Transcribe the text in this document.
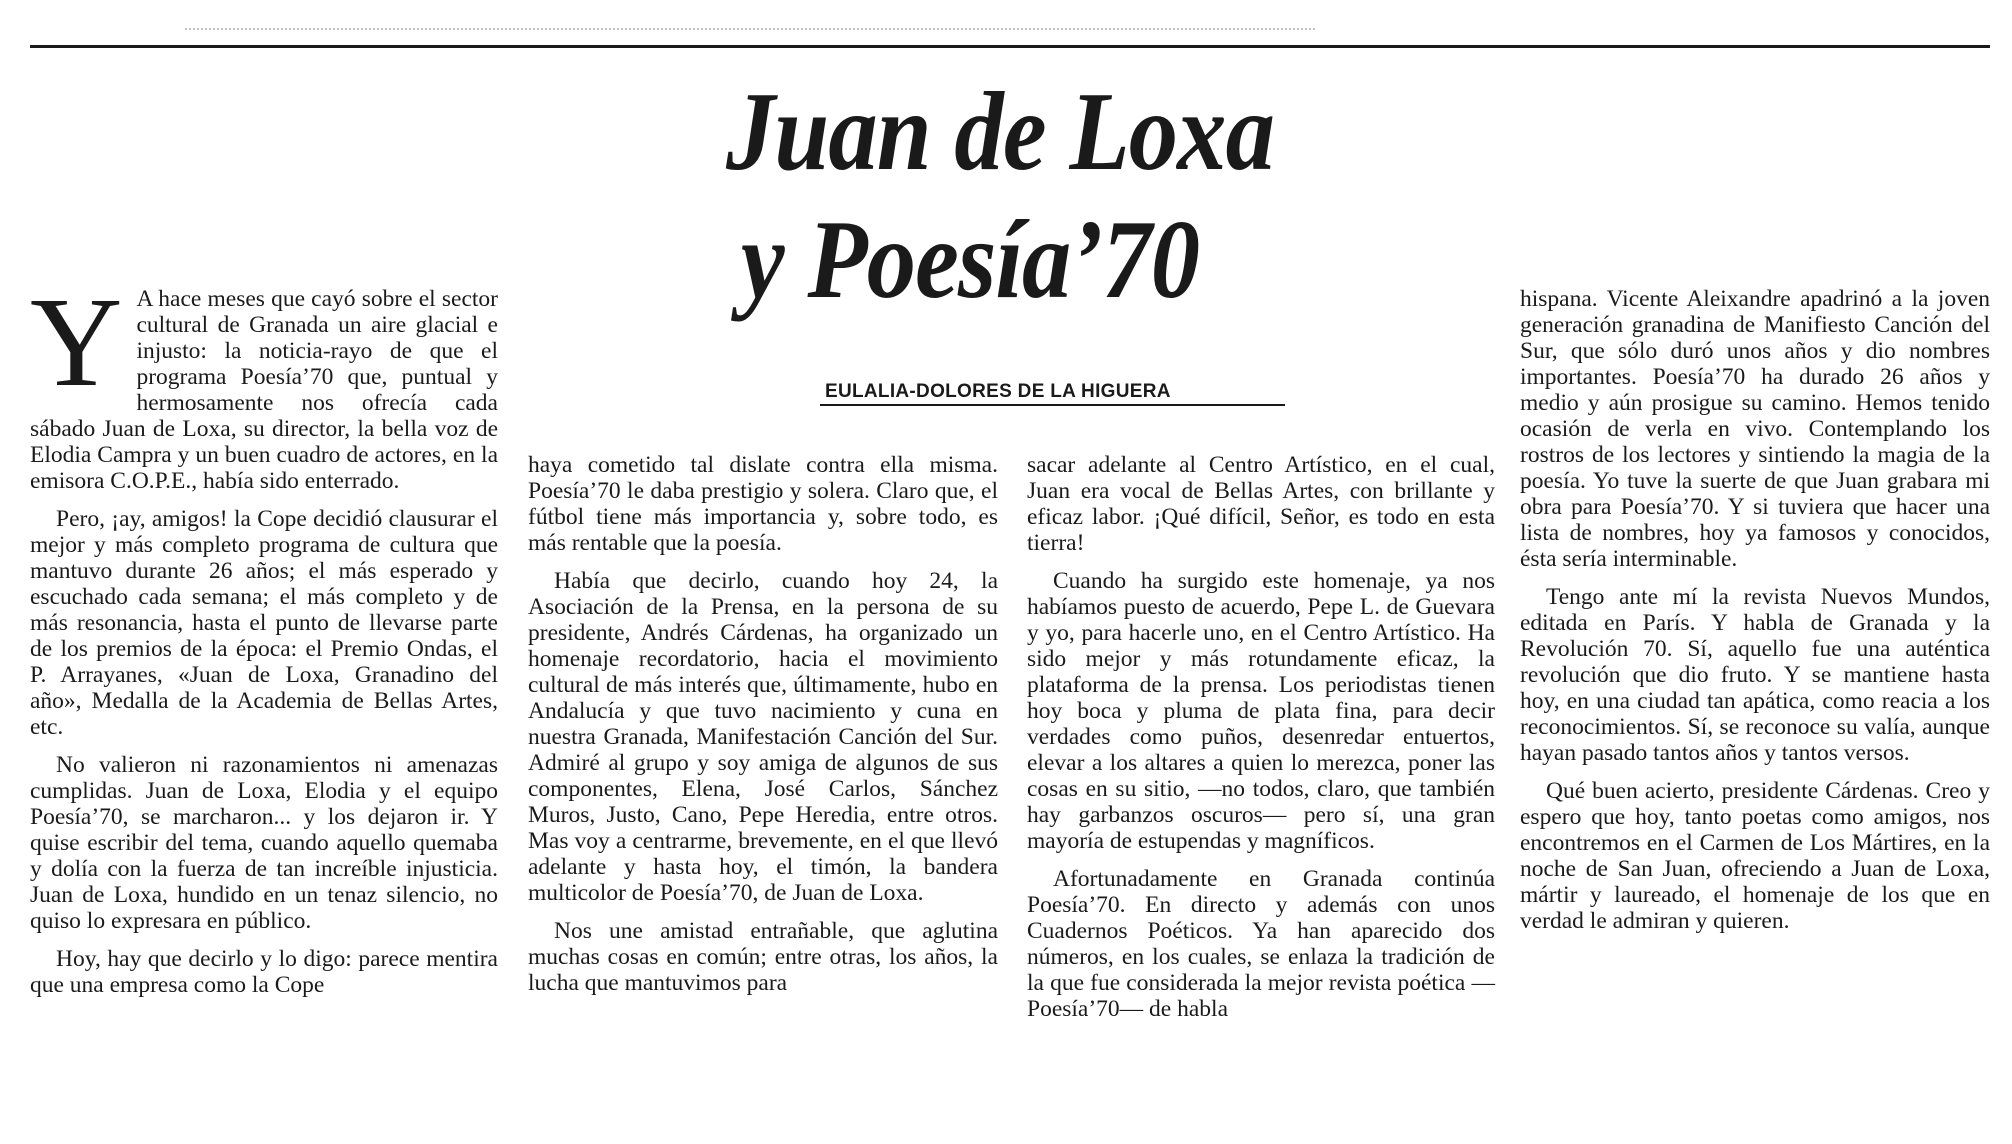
Juan de Loxa
y Poesía’70

EULALIA-DOLORES DE LA HIGUERA

Y A hace meses que cayó sobre el sector cultural de Granada un aire glacial e injusto: la noticia-rayo de que el programa Poesía’70 que, puntual y hermosamente nos ofrecía cada sábado Juan de Loxa, su director, la bella voz de Elodia Campra y un buen cuadro de actores, en la emisora C.O.P.E., había sido enterrado.

Pero, ¡ay, amigos! la Cope decidió clausurar el mejor y más completo programa de cultura que mantuvo durante 26 años; el más esperado y escuchado cada semana; el más completo y de más resonancia, hasta el punto de llevarse parte de los premios de la época: el Premio Ondas, el P. Arrayanes, «Juan de Loxa, Granadino del año», Medalla de la Academia de Bellas Artes, etc.

No valieron ni razonamientos ni amenazas cumplidas. Juan de Loxa, Elodia y el equipo Poesía’70, se marcharon... y los dejaron ir. Y quise escribir del tema, cuando aquello quemaba y dolía con la fuerza de tan increíble injusticia. Juan de Loxa, hundido en un tenaz silencio, no quiso lo expresara en público.

Hoy, hay que decirlo y lo digo: parece mentira que una empresa como la Cope

haya cometido tal dislate contra ella misma. Poesía’70 le daba prestigio y solera. Claro que, el fútbol tiene más importancia y, sobre todo, es más rentable que la poesía.

Había que decirlo, cuando hoy 24, la Asociación de la Prensa, en la persona de su presidente, Andrés Cárdenas, ha organizado un homenaje recordatorio, hacia el movimiento cultural de más interés que, últimamente, hubo en Andalucía y que tuvo nacimiento y cuna en nuestra Granada, Manifestación Canción del Sur. Admiré al grupo y soy amiga de algunos de sus componentes, Elena, José Carlos, Sánchez Muros, Justo, Cano, Pepe Heredia, entre otros. Mas voy a centrarme, brevemente, en el que llevó adelante y hasta hoy, el timón, la bandera multicolor de Poesía’70, de Juan de Loxa.

Nos une amistad entrañable, que aglutina muchas cosas en común; entre otras, los años, la lucha que mantuvimos para

sacar adelante al Centro Artístico, en el cual, Juan era vocal de Bellas Artes, con brillante y eficaz labor. ¡Qué difícil, Señor, es todo en esta tierra!

Cuando ha surgido este homenaje, ya nos habíamos puesto de acuerdo, Pepe L. de Guevara y yo, para hacerle uno, en el Centro Artístico. Ha sido mejor y más rotundamente eficaz, la plataforma de la prensa. Los periodistas tienen hoy boca y pluma de plata fina, para decir verdades como puños, desenredar entuertos, elevar a los altares a quien lo merezca, poner las cosas en su sitio, —no todos, claro, que también hay garbanzos oscuros— pero sí, una gran mayoría de estupendas y magníficos.

Afortunadamente en Granada continúa Poesía’70. En directo y además con unos Cuadernos Poéticos. Ya han aparecido dos números, en los cuales, se enlaza la tradición de la que fue considerada la mejor revista poética —Poesía’70— de habla

hispana. Vicente Aleixandre apadrinó a la joven generación granadina de Manifiesto Canción del Sur, que sólo duró unos años y dio nombres importantes. Poesía’70 ha durado 26 años y medio y aún prosigue su camino. Hemos tenido ocasión de verla en vivo. Contemplando los rostros de los lectores y sintiendo la magia de la poesía. Yo tuve la suerte de que Juan grabara mi obra para Poesía’70. Y si tuviera que hacer una lista de nombres, hoy ya famosos y conocidos, ésta sería interminable.

Tengo ante mí la revista Nuevos Mundos, editada en París. Y habla de Granada y la Revolución 70. Sí, aquello fue una auténtica revolución que dio fruto. Y se mantiene hasta hoy, en una ciudad tan apática, como reacia a los reconocimientos. Sí, se reconoce su valía, aunque hayan pasado tantos años y tantos versos.

Qué buen acierto, presidente Cárdenas. Creo y espero que hoy, tanto poetas como amigos, nos encontremos en el Carmen de Los Mártires, en la noche de San Juan, ofreciendo a Juan de Loxa, mártir y laureado, el homenaje de los que en verdad le admiran y quieren.
